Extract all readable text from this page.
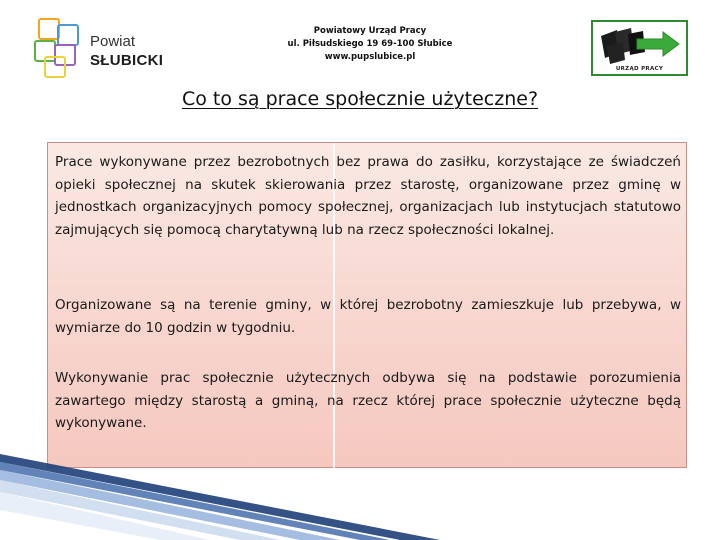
Powiat
SŁUBICKI
Powiatowy Urząd Pracy
ul. Piłsudskiego 19 69-100 Słubice
www.pupslubice.pl
URZĄD PRACY
Co to są prace społecznie użyteczne?
Prace wykonywane przez bezrobotnych bez prawa do zasiłku, korzystające ze świadczeń opieki społecznej na skutek skierowania przez starostę, organizowane przez gminę w jednostkach organizacyjnych pomocy społecznej, organizacjach lub instytucjach statutowo zajmujących się pomocą charytatywną lub na rzecz społeczności lokalnej.
Organizowane są na terenie gminy, w której bezrobotny zamieszkuje lub przebywa, w wymiarze do 10 godzin w tygodniu.
Wykonywanie prac społecznie użytecznych odbywa się na podstawie porozumienia zawartego między starostą a gminą, na rzecz której prace społecznie użyteczne będą wykonywane.
